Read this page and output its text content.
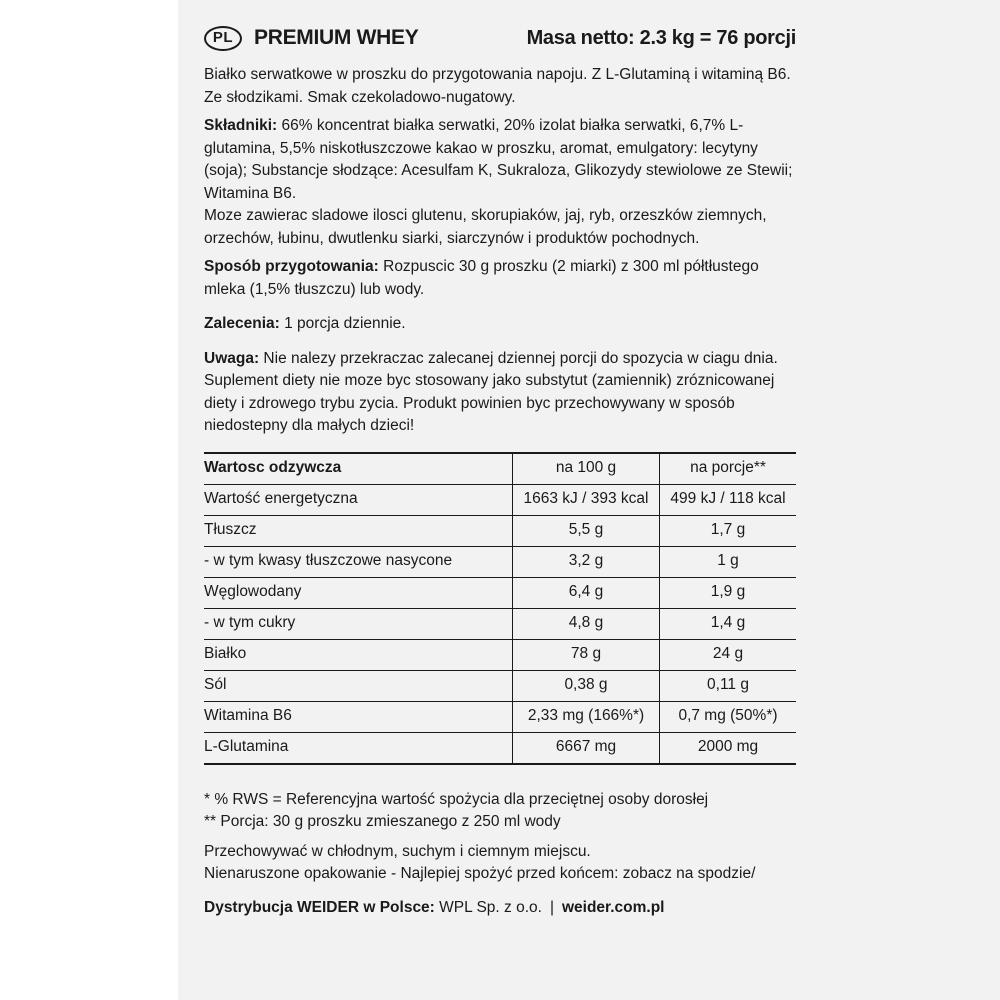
PL PREMIUM WHEY	Masa netto: 2.3 kg = 76 porcji

Białko serwatkowe w proszku do przygotowania napoju. Z L-Glutaminą i witaminą B6. Ze słodzikami. Smak czekoladowo-nugatowy.

Składniki: 66% koncentrat białka serwatki, 20% izolat białka serwatki, 6,7% L-glutamina, 5,5% niskotłuszczowe kakao w proszku, aromat, emulgatory: lecytyny (soja); Substancje słodzące: Acesulfam K, Sukraloza, Glikozydy stewiolowe ze Stewii; Witamina B6.

Moze zawierac sladowe ilosci glutenu, skorupiaków, jaj, ryb, orzeszków ziemnych, orzechów, łubinu, dwutlenku siarki, siarczynów i produktów pochodnych.

Sposób przygotowania: Rozpuscic 30 g proszku (2 miarki) z 300 ml półtłustego mleka (1,5% tłuszczu) lub wody.

Zalecenia: 1 porcja dziennie.

Uwaga: Nie nalezy przekraczac zalecanej dziennej porcji do spozycia w ciagu dnia. Suplement diety nie moze byc stosowany jako substytut (zamiennik) zróznicowanej diety i zdrowego trybu zycia. Produkt powinien byc przechowywany w sposób niedostepny dla małych dzieci!

Wartosc odzywcza	na 100 g	na porcje**
Wartość energetyczna	1663 kJ / 393 kcal	499 kJ / 118 kcal
Tłuszcz	5,5 g	1,7 g
- w tym kwasy tłuszczowe nasycone	3,2 g	1 g
Węglowodany	6,4 g	1,9 g
- w tym cukry	4,8 g	1,4 g
Białko	78 g	24 g
Sól	0,38 g	0,11 g
Witamina B6	2,33 mg (166%*)	0,7 mg (50%*)
L-Glutamina	6667 mg	2000 mg

* % RWS = Referencyjna wartość spożycia dla przeciętnej osoby dorosłej

** Porcja: 30 g proszku zmieszanego z 250 ml wody

Przechowywać w chłodnym, suchym i ciemnym miejscu.

Nienaruszone opakowanie - Najlepiej spożyć przed końcem: zobacz na spodzie/

Dystrybucja WEIDER w Polsce: WPL Sp. z o.o. | weider.com.pl
